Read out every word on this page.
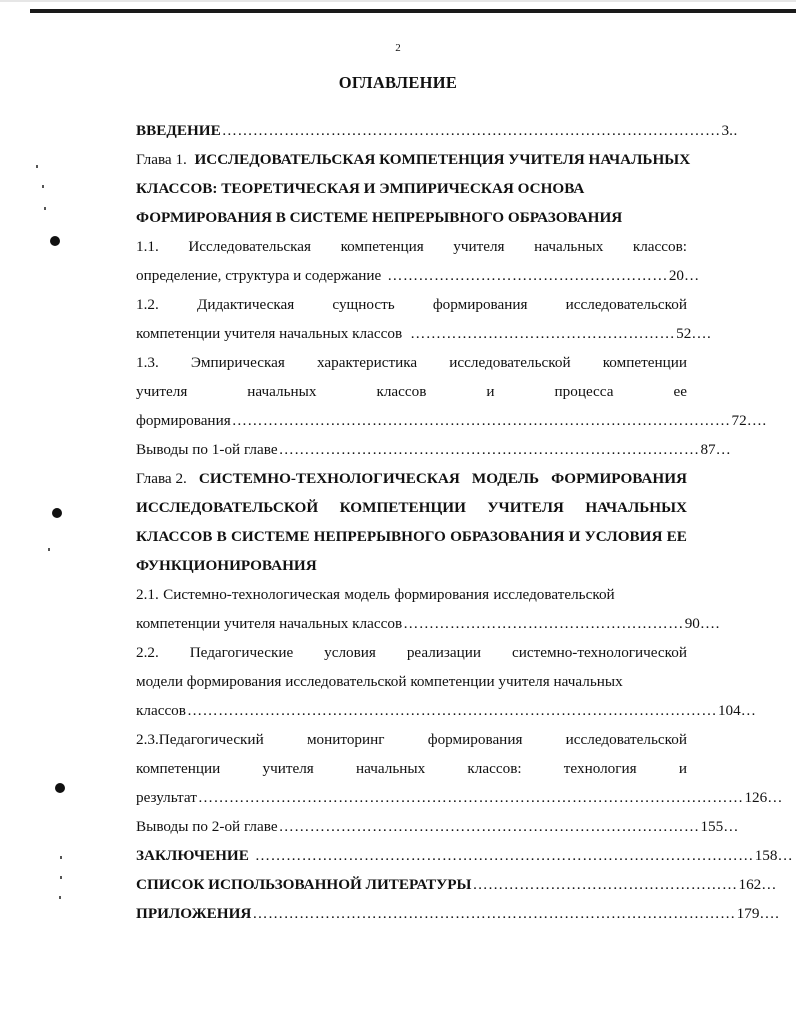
2
ОГЛАВЛЕНИЕ
ВВЕДЕНИЕ …………………………………………………………………………………… 3 ..
Глава 1. ИССЛЕДОВАТЕЛЬСКАЯ КОМПЕТЕНЦИЯ УЧИТЕЛЯ НАЧАЛЬНЫХ
КЛАССОВ: ТЕОРЕТИЧЕСКАЯ И ЭМПИРИЧЕСКАЯ ОСНОВА
ФОРМИРОВАНИЯ В СИСТЕМЕ НЕПРЕРЫВНОГО ОБРАЗОВАНИЯ
1.1. Исследовательская компетенция учителя начальных классов:
определение, структура и содержание ……………………………………………… 20 …
1.2.	Дидактическая	сущность	формирования	исследовательской
компетенции учителя начальных классов …………………………………………… 52 ….
1.3. Эмпирическая характеристика исследовательской компетенции
учителя	начальных	классов	и	процесса	ее
формирования …………………………………………………………………………………… 72 ….
Выводы по 1-ой главе ……………………………………………………………………… 87 …
Глава 2. СИСТЕМНО-ТЕХНОЛОГИЧЕСКАЯ МОДЕЛЬ ФОРМИРОВАНИЯ
ИССЛЕДОВАТЕЛЬСКОЙ КОМПЕТЕНЦИИ УЧИТЕЛЯ НАЧАЛЬНЫХ
КЛАССОВ В СИСТЕМЕ НЕПРЕРЫВНОГО ОБРАЗОВАНИЯ И УСЛОВИЯ ЕЕ
ФУНКЦИОНИРОВАНИЯ
2.1. Системно-технологическая модель формирования исследовательской
компетенции учителя начальных классов ……………………………………………… 90 ….
2.2. Педагогические условия реализации системно-технологической
модели формирования исследовательской компетенции учителя начальных
классов ………………………………………………………………………………………… 104 …
2.3.Педагогический	мониторинг	формирования	исследовательской
компетенции	учителя	начальных	классов:	технология	и
результат …………………………………………………………………………………………… 126 …
Выводы по 2-ой главе ……………………………………………………………………… 155 …
ЗАКЛЮЧЕНИЕ …………………………………………………………………………………… 158 …
СПИСОК ИСПОЛЬЗОВАННОЙ ЛИТЕРАТУРЫ …………………………………………… 162 …
ПРИЛОЖЕНИЯ ………………………………………………………………………………… 179 ….
